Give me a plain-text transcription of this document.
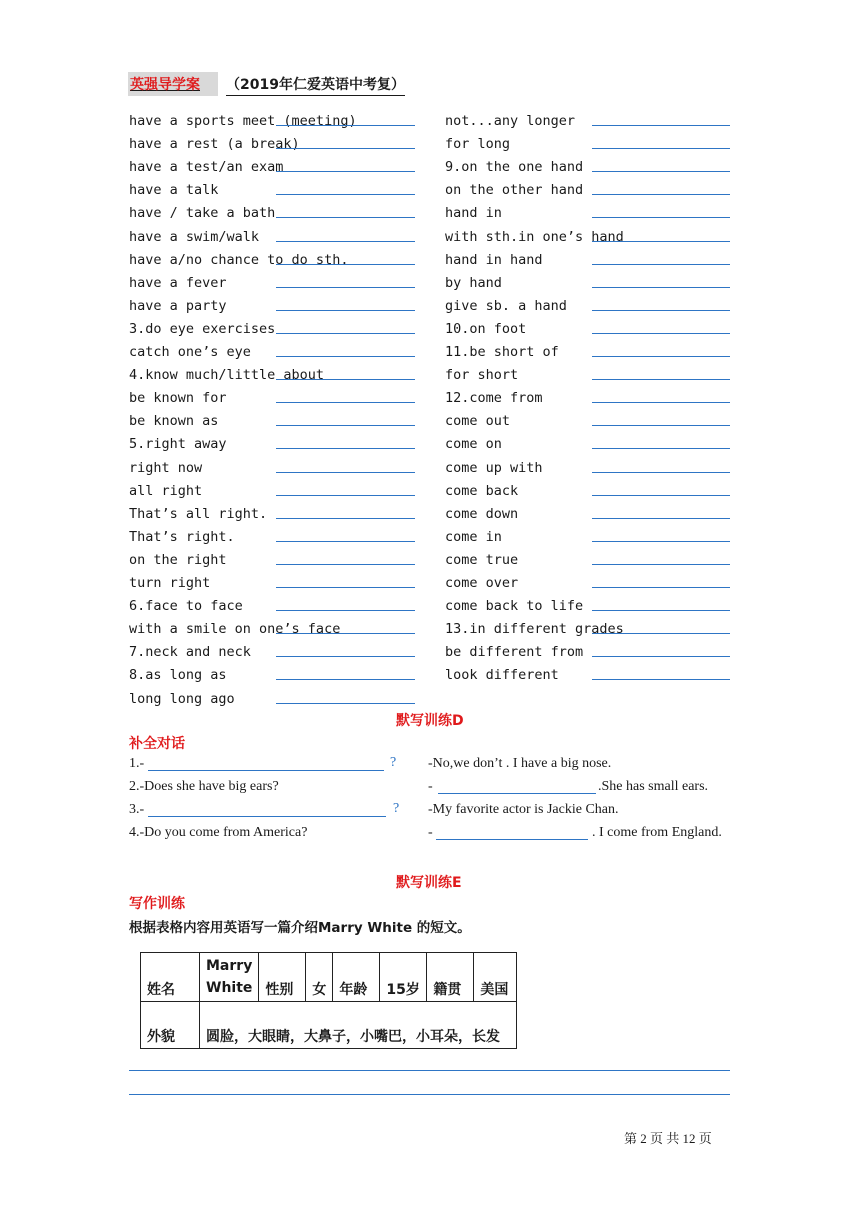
英强导学案	（2019年仁爱英语中考复）
have a sports meet (meeting)
have a rest (a break)
have a test/an exam
have a talk
have / take a bath
have a swim/walk
have a/no chance to do sth.
have a fever
have a party
3.do eye exercises
catch one’s eye
4.know much/little about
be known for
be known as
5.right away
right now
all right
That’s all right.
That’s right.
on the right
turn right
6.face to face
with a smile on one’s face
7.neck and neck
8.as long as
long long ago
not...any longer
for long
9.on the one hand
on the other hand
hand in
with sth.in one’s hand
hand in hand
by hand
give sb. a hand
10.on foot
11.be short of
for short
12.come from
come out
come on
come up with
come back
come down
come in
come true
come over
come back to life
13.in different grades
be different from
look different
默写训练D
补全对话
1.-	? -No,we don’t . I have a big nose.
2.-Does she have big ears?	-	.She has small ears.
3.-	? -My favorite actor is Jackie Chan.
4.-Do you come from America?	-	. I come from England.
默写训练E
写作训练
根据表格内容用英语写一篇介绍Marry White 的短文。
姓名	Marry White	性别	女	年龄	15岁	籍贯	美国
外貌	圆脸，大眼睛，大鼻子，小嘴巴，小耳朵，长发						
第 2 页 共 12 页
